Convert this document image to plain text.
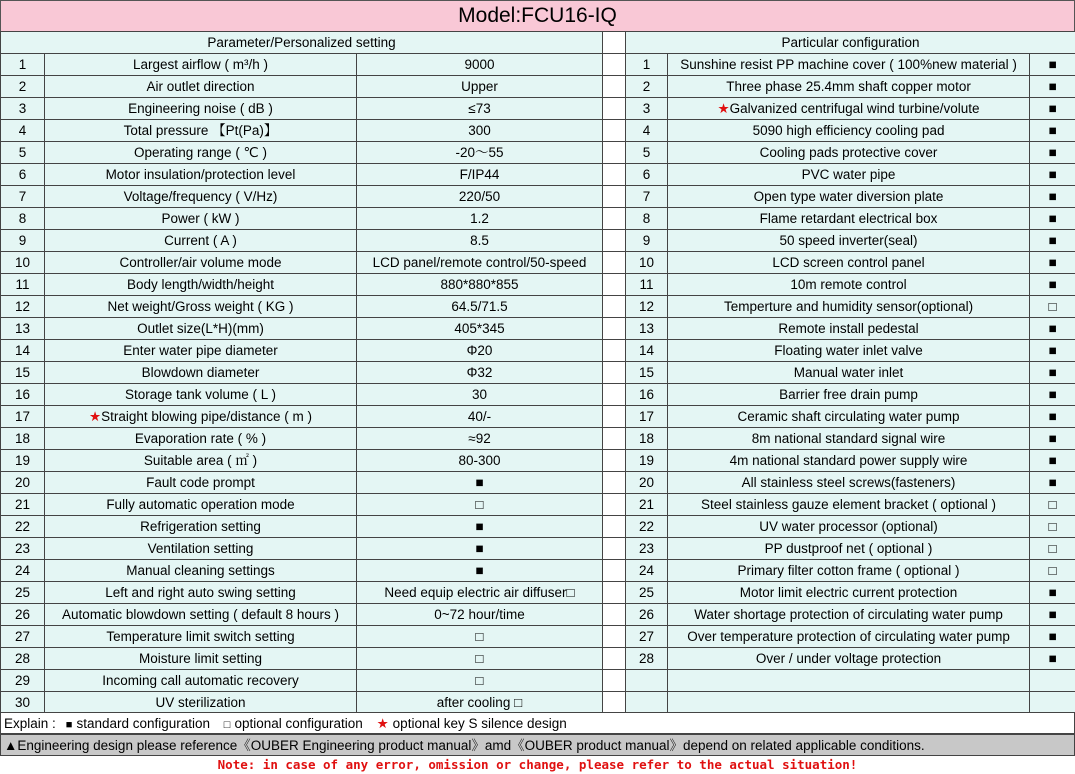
Model:FCU16-IQ
Parameter/Personalized setting				Particular configuration		
1	Largest airflow ( m³/h )	9000		1	Sunshine resist PP machine cover ( 100%new material )	■
2	Air outlet direction	Upper		2	Three phase 25.4mm shaft copper motor	■
3	Engineering noise ( dB )	≤73		3	★Galvanized centrifugal wind turbine/volute	■
4	Total pressure 【Pt(Pa)】	300		4	5090 high efficiency cooling pad	■
5	Operating range ( ℃ )	-20～55		5	Cooling pads protective cover	■
6	Motor insulation/protection level	F/IP44		6	PVC water pipe	■
7	Voltage/frequency ( V/Hz)	220/50		7	Open type water diversion plate	■
8	Power ( kW )	1.2		8	Flame retardant electrical box	■
9	Current ( A )	8.5		9	50 speed inverter(seal)	■
10	Controller/air volume mode	LCD panel/remote control/50-speed		10	LCD screen control panel	■
11	Body length/width/height	880*880*855		11	10m remote control	■
12	Net weight/Gross weight ( KG )	64.5/71.5		12	Temperture and humidity sensor(optional)	□
13	Outlet size(L*H)(mm)	405*345		13	Remote install pedestal	■
14	Enter water pipe diameter	Φ20		14	Floating water inlet valve	■
15	Blowdown diameter	Φ32		15	Manual water inlet	■
16	Storage tank volume ( L )	30		16	Barrier free drain pump	■
17	★Straight blowing pipe/distance ( m )	40/-		17	Ceramic shaft circulating water pump	■
18	Evaporation rate ( % )	≈92		18	8m national standard signal wire	■
19	Suitable area ( ㎡ )	80-300		19	4m national standard power supply wire	■
20	Fault code prompt	■		20	All stainless steel screws(fasteners)	■
21	Fully automatic operation mode	□		21	Steel stainless gauze element bracket ( optional )	□
22	Refrigeration setting	■		22	UV water processor (optional)	□
23	Ventilation setting	■		23	PP dustproof net ( optional )	□
24	Manual cleaning settings	■		24	Primary filter cotton frame ( optional )	□
25	Left and right auto swing setting	Need equip electric air diffuser□		25	Motor limit electric current protection	■
26	Automatic blowdown setting ( default 8 hours )	0~72 hour/time		26	Water shortage protection of circulating water pump	■
27	Temperature limit switch setting	□		27	Over temperature protection of circulating water pump	■
28	Moisture limit setting	□		28	Over / under voltage protection	■
29	Incoming call automatic recovery	□				
30	UV sterilization	after cooling □				
Explain : ■ standard configuration □ optional configuration ★ optional key S silence design
▲Engineering design please reference《OUBER Engineering product manual》amd《OUBER product manual》depend on related applicable conditions.
Note: in case of any error, omission or change, please refer to the actual situation!
